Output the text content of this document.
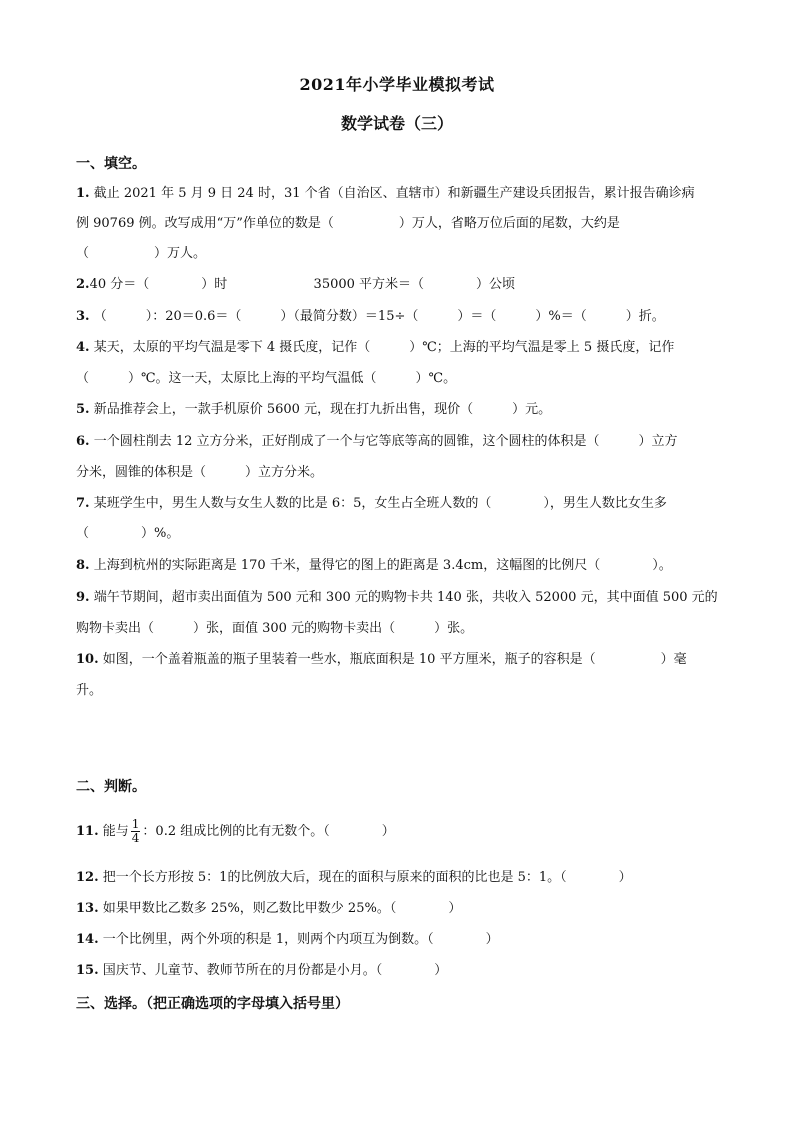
2021年小学毕业模拟考试
数学试卷（三）
一、填空。
1. 截止 2021 年 5 月 9 日 24 时，31 个省（自治区、直辖市）和新疆生产建设兵团报告，累计报告确诊病
例 90769 例。改写成用“万”作单位的数是（　　　　　）万人，省略万位后面的尾数，大约是
（　　　　　）万人。
2.40 分＝（　　　　）时	35000 平方米＝（　　　　）公顷
3. （　　　）：20＝0.6＝（　　　）（最简分数）＝15÷（　　　）＝（　　　）%＝（　　　）折。
4. 某天，太原的平均气温是零下 4 摄氏度，记作（　　　）℃；上海的平均气温是零上 5 摄氏度，记作
（　　　）℃。这一天，太原比上海的平均气温低（　　　）℃。
5. 新品推荐会上，一款手机原价 5600 元，现在打九折出售，现价（　　　）元。
6. 一个圆柱削去 12 立方分米，正好削成了一个与它等底等高的圆锥，这个圆柱的体积是（　　　）立方
分米，圆锥的体积是（　　　）立方分米。
7. 某班学生中，男生人数与女生人数的比是 6：5，女生占全班人数的（　　　　），男生人数比女生多
（　　　　）%。
8. 上海到杭州的实际距离是 170 千米，量得它的图上的距离是 3.4cm，这幅图的比例尺（　　　　）。
9. 端午节期间，超市卖出面值为 500 元和 300 元的购物卡共 140 张，共收入 52000 元，其中面值 500 元的
购物卡卖出（　　　）张，面值 300 元的购物卡卖出（　　　）张。
10. 如图，一个盖着瓶盖的瓶子里装着一些水，瓶底面积是 10 平方厘米，瓶子的容积是（　　　　　）毫
升。
二、判断。
11. 能与 $\frac{1}{4}$ ：0.2 组成比例的比有无数个。（　　　　）
12. 把一个长方形按 5：1的比例放大后，现在的面积与原来的面积的比也是 5：1。（　　　　）
13. 如果甲数比乙数多 25%，则乙数比甲数少 25%。（　　　　）
14. 一个比例里，两个外项的积是 1，则两个内项互为倒数。（　　　　）
15. 国庆节、儿童节、教师节所在的月份都是小月。（　　　　）
三、选择。（把正确选项的字母填入括号里）
